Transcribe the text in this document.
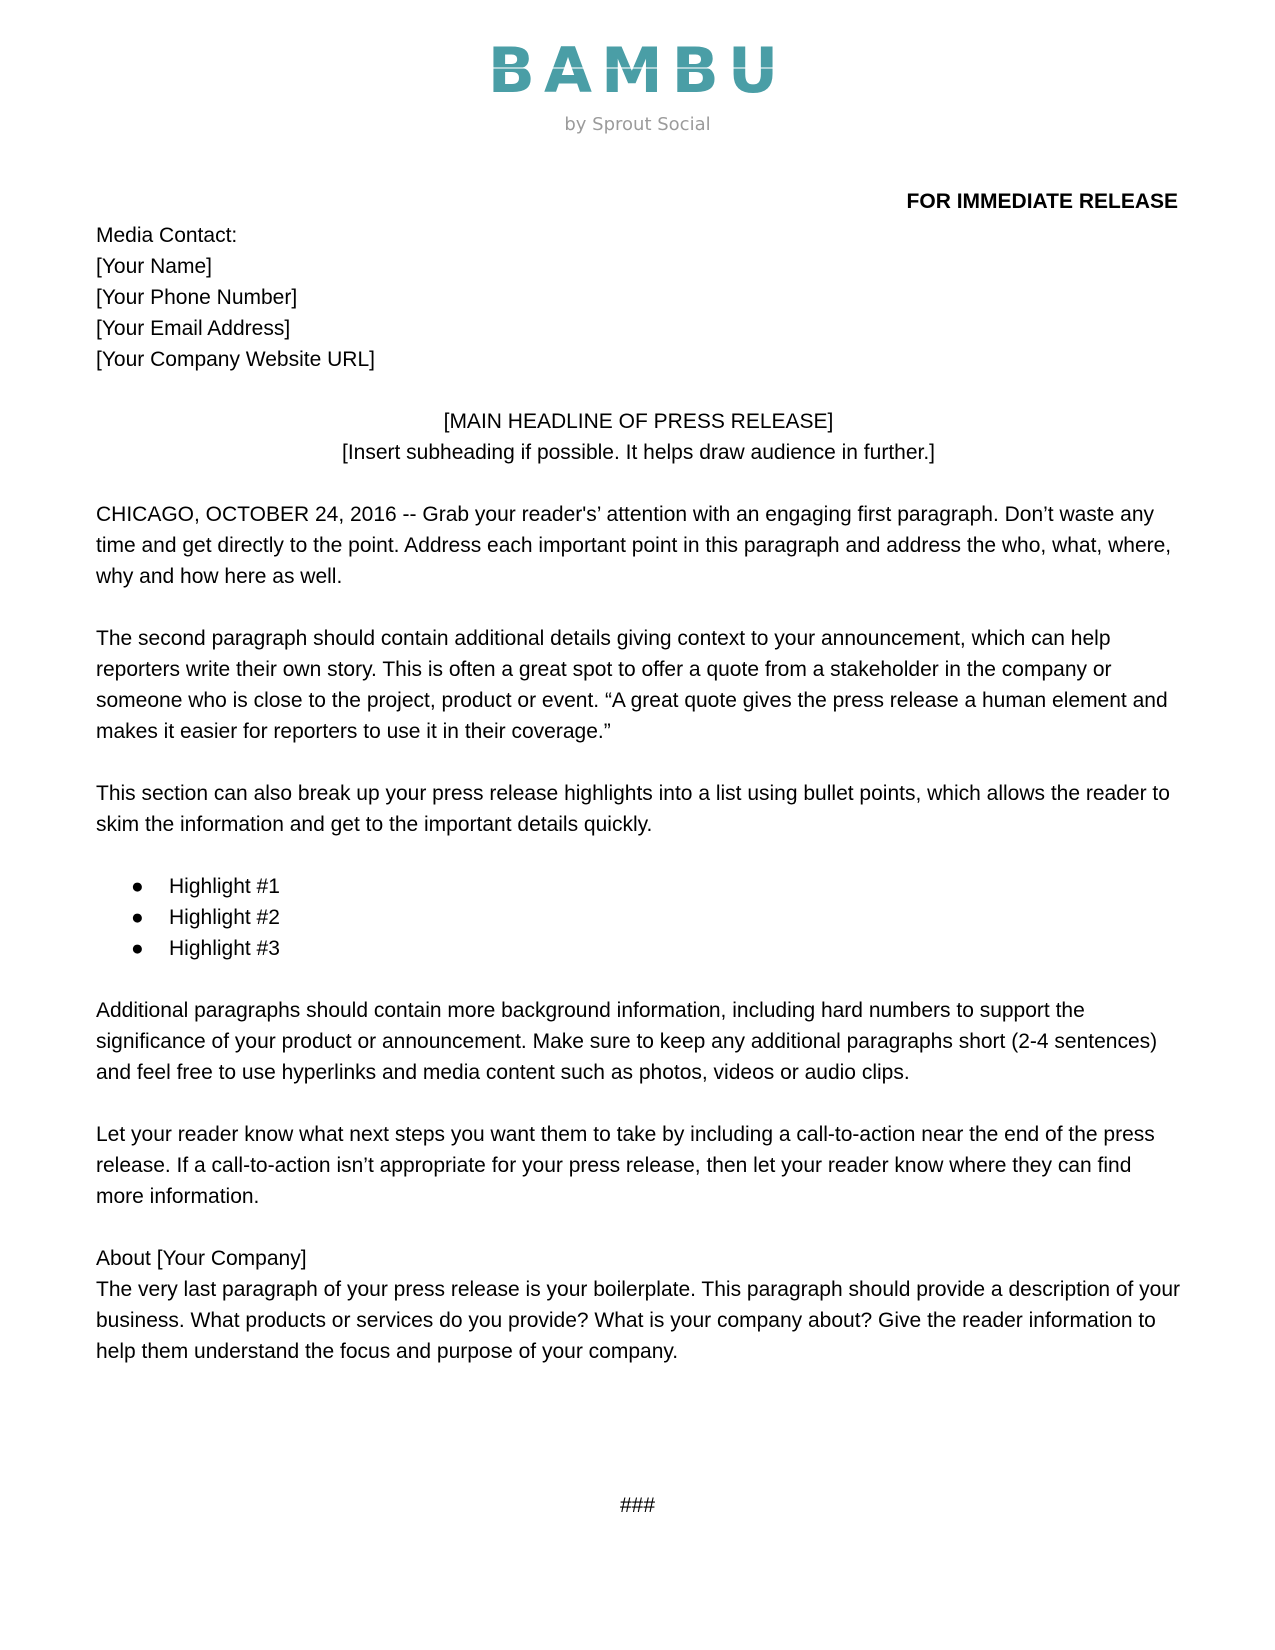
BAMBU
by Sprout Social
FOR IMMEDIATE RELEASE
Media Contact:
[Your Name]
[Your Phone Number]
[Your Email Address]
[Your Company Website URL]
[MAIN HEADLINE OF PRESS RELEASE]
[Insert subheading if possible. It helps draw audience in further.]

CHICAGO, OCTOBER 24, 2016 -- Grab your reader's’ attention with an engaging first paragraph. Don’t waste any time and get directly to the point. Address each important point in this paragraph and address the who, what, where, why and how here as well.

The second paragraph should contain additional details giving context to your announcement, which can help reporters write their own story. This is often a great spot to offer a quote from a stakeholder in the company or someone who is close to the project, product or event. “A great quote gives the press release a human element and makes it easier for reporters to use it in their coverage.”

This section can also break up your press release highlights into a list using bullet points, which allows the reader to skim the information and get to the important details quickly.

● Highlight #1
● Highlight #2
● Highlight #3

Additional paragraphs should contain more background information, including hard numbers to support the significance of your product or announcement. Make sure to keep any additional paragraphs short (2-4 sentences) and feel free to use hyperlinks and media content such as photos, videos or audio clips.

Let your reader know what next steps you want them to take by including a call-to-action near the end of the press release. If a call-to-action isn’t appropriate for your press release, then let your reader know where they can find more information.

About [Your Company]
The very last paragraph of your press release is your boilerplate. This paragraph should provide a description of your business. What products or services do you provide? What is your company about? Give the reader information to help them understand the focus and purpose of your company.
###
